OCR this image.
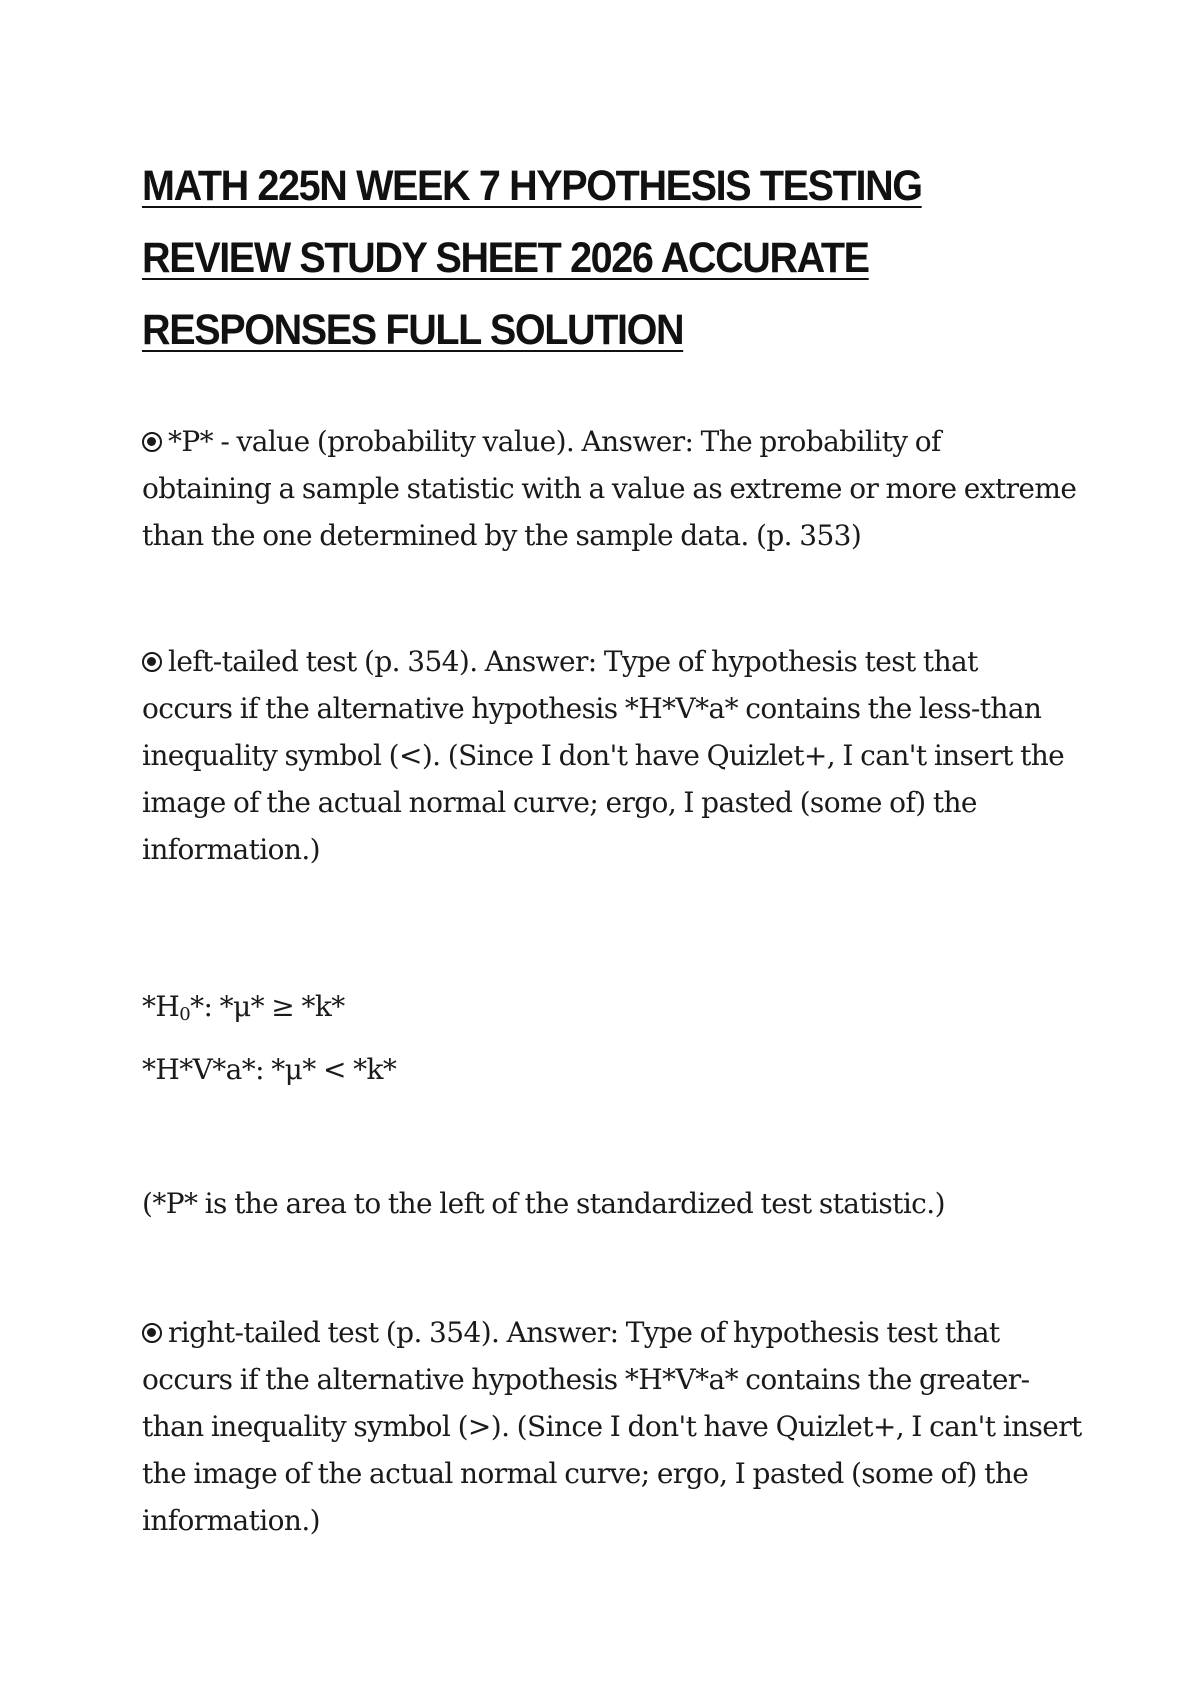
MATH 225N WEEK 7 HYPOTHESIS TESTING
REVIEW STUDY SHEET 2026 ACCURATE
RESPONSES FULL SOLUTION
*P* - value (probability value). Answer: The probability of
obtaining a sample statistic with a value as extreme or more extreme
than the one determined by the sample data. (p. 353)
left-tailed test (p. 354). Answer: Type of hypothesis test that
occurs if the alternative hypothesis *H*V*a* contains the less-than
inequality symbol (<). (Since I don't have Quizlet+, I can't insert the
image of the actual normal curve; ergo, I pasted (some of) the
information.)
$*H_0*$: *μ* ≥ *k*
*H*V*a*: *μ* < *k*
(*P* is the area to the left of the standardized test statistic.)
right-tailed test (p. 354). Answer: Type of hypothesis test that
occurs if the alternative hypothesis *H*V*a* contains the greater-
than inequality symbol (>). (Since I don't have Quizlet+, I can't insert
the image of the actual normal curve; ergo, I pasted (some of) the
information.)
